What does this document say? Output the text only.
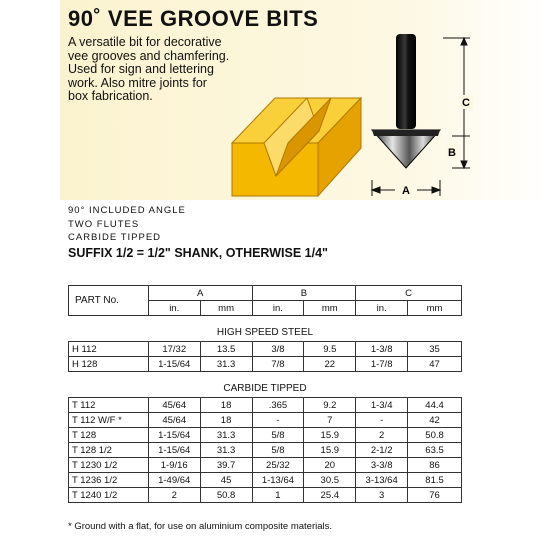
90˚ VEE GROOVE BITS
A versatile bit for decorative
vee grooves and chamfering.
Used for sign and lettering
work. Also mitre joints for
box fabrication.	C
B
A
90° INCLUDED ANGLE
TWO FLUTES
CARBIDE TIPPED
SUFFIX 1/2 = 1/2" SHANK, OTHERWISE 1/4"
PART No.	A		B		C	
	in.	mm	in.	mm	in.	mm
HIGH SPEED STEEL						
H 112	17/32	13.5	3/8	9.5	1-3/8	35
H 128	1-15/64	31.3	7/8	22	1-7/8	47
CARBIDE TIPPED						
T 112	45/64	18	.365	9.2	1-3/4	44.4
T 112 W/F *	45/64	18	-	7	-	42
T 128	1-15/64	31.3	5/8	15.9	2	50.8
T 128 1/2	1-15/64	31.3	5/8	15.9	2-1/2	63.5
T 1230 1/2	1-9/16	39.7	25/32	20	3-3/8	86
T 1236 1/2	1-49/64	45	1-13/64	30.5	3-13/64	81.5
T 1240 1/2	2	50.8	1	25.4	3	76
* Ground with a flat, for use on aluminium composite materials.
